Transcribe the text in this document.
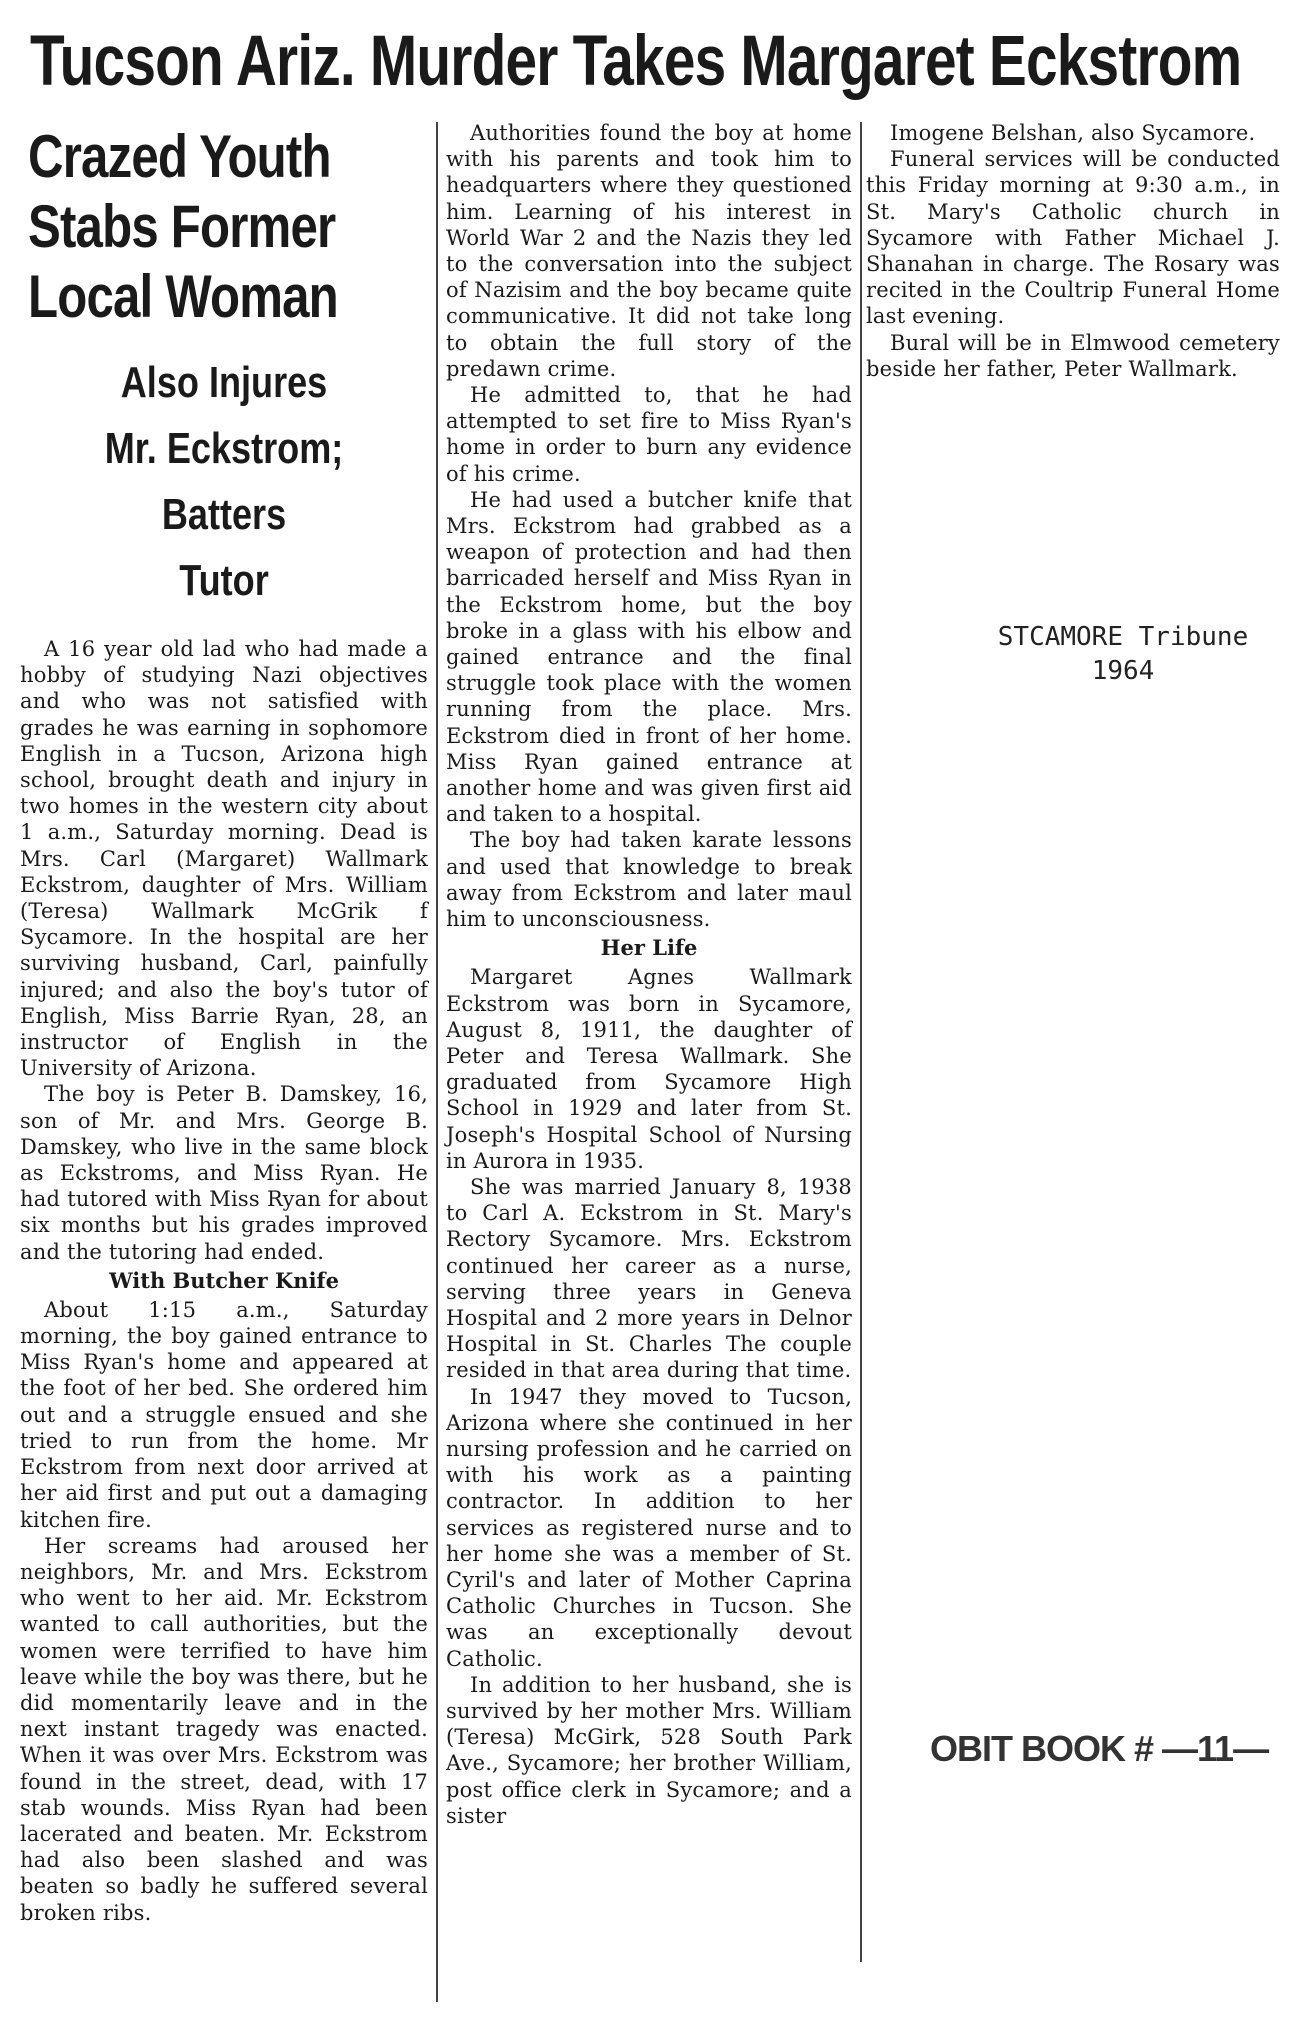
Tucson Ariz. Murder Takes Margaret Eckstrom
Crazed Youth
Stabs Former
Local Woman
Also Injures
Mr. Eckstrom;
Batters
Tutor

A 16 year old lad who had made a hobby of studying Nazi objectives and who was not satisfied with grades he was earning in sophomore English in a Tucson, Arizona high school, brought death and injury in two homes in the western city about 1 a.m., Saturday morning. Dead is Mrs. Carl (Margaret) Wallmark Eckstrom, daughter of Mrs. William (Teresa) Wallmark McGrik f Sycamore. In the hospital are her surviving husband, Carl, painfully injured; and also the boy's tutor of English, Miss Barrie Ryan, 28, an instructor of English in the University of Arizona.

The boy is Peter B. Damskey, 16, son of Mr. and Mrs. George B. Damskey, who live in the same block as Eckstroms, and Miss Ryan. He had tutored with Miss Ryan for about six months but his grades improved and the tutoring had ended.

With Butcher Knife

About 1:15 a.m., Saturday morning, the boy gained entrance to Miss Ryan's home and appeared at the foot of her bed. She ordered him out and a struggle ensued and she tried to run from the home. Mr Eckstrom from next door arrived at her aid first and put out a damaging kitchen fire.

Her screams had aroused her neighbors, Mr. and Mrs. Eckstrom who went to her aid. Mr. Eckstrom wanted to call authorities, but the women were terrified to have him leave while the boy was there, but he did momentarily leave and in the next instant tragedy was enacted. When it was over Mrs. Eckstrom was found in the street, dead, with 17 stab wounds. Miss Ryan had been lacerated and beaten. Mr. Eckstrom had also been slashed and was beaten so badly he suffered several broken ribs.

Authorities found the boy at home with his parents and took him to headquarters where they questioned him. Learning of his interest in World War 2 and the Nazis they led to the conversation into the subject of Nazisim and the boy became quite communicative. It did not take long to obtain the full story of the predawn crime.

He admitted to, that he had attempted to set fire to Miss Ryan's home in order to burn any evidence of his crime.

He had used a butcher knife that Mrs. Eckstrom had grabbed as a weapon of protection and had then barricaded herself and Miss Ryan in the Eckstrom home, but the boy broke in a glass with his elbow and gained entrance and the final struggle took place with the women running from the place. Mrs. Eckstrom died in front of her home. Miss Ryan gained entrance at another home and was given first aid and taken to a hospital.

The boy had taken karate lessons and used that knowledge to break away from Eckstrom and later maul him to unconsciousness.

Her Life

Margaret Agnes Wallmark Eckstrom was born in Sycamore, August 8, 1911, the daughter of Peter and Teresa Wallmark. She graduated from Sycamore High School in 1929 and later from St. Joseph's Hospital School of Nursing in Aurora in 1935.

She was married January 8, 1938 to Carl A. Eckstrom in St. Mary's Rectory Sycamore. Mrs. Eckstrom continued her career as a nurse, serving three years in Geneva Hospital and 2 more years in Delnor Hospital in St. Charles The couple resided in that area during that time.

In 1947 they moved to Tucson, Arizona where she continued in her nursing profession and he carried on with his work as a painting contractor. In addition to her services as registered nurse and to her home she was a member of St. Cyril's and later of Mother Caprina Catholic Churches in Tucson. She was an exceptionally devout Catholic.

In addition to her husband, she is survived by her mother Mrs. William (Teresa) McGirk, 528 South Park Ave., Sycamore; her brother William, post office clerk in Sycamore; and a sister

Imogene Belshan, also Sycamore.

Funeral services will be conducted this Friday morning at 9:30 a.m., in St. Mary's Catholic church in Sycamore with Father Michael J. Shanahan in charge. The Rosary was recited in the Coultrip Funeral Home last evening.

Bural will be in Elmwood cemetery beside her father, Peter Wallmark.

STCAMORE Tribune
1964
OBIT BOOK # —11—
